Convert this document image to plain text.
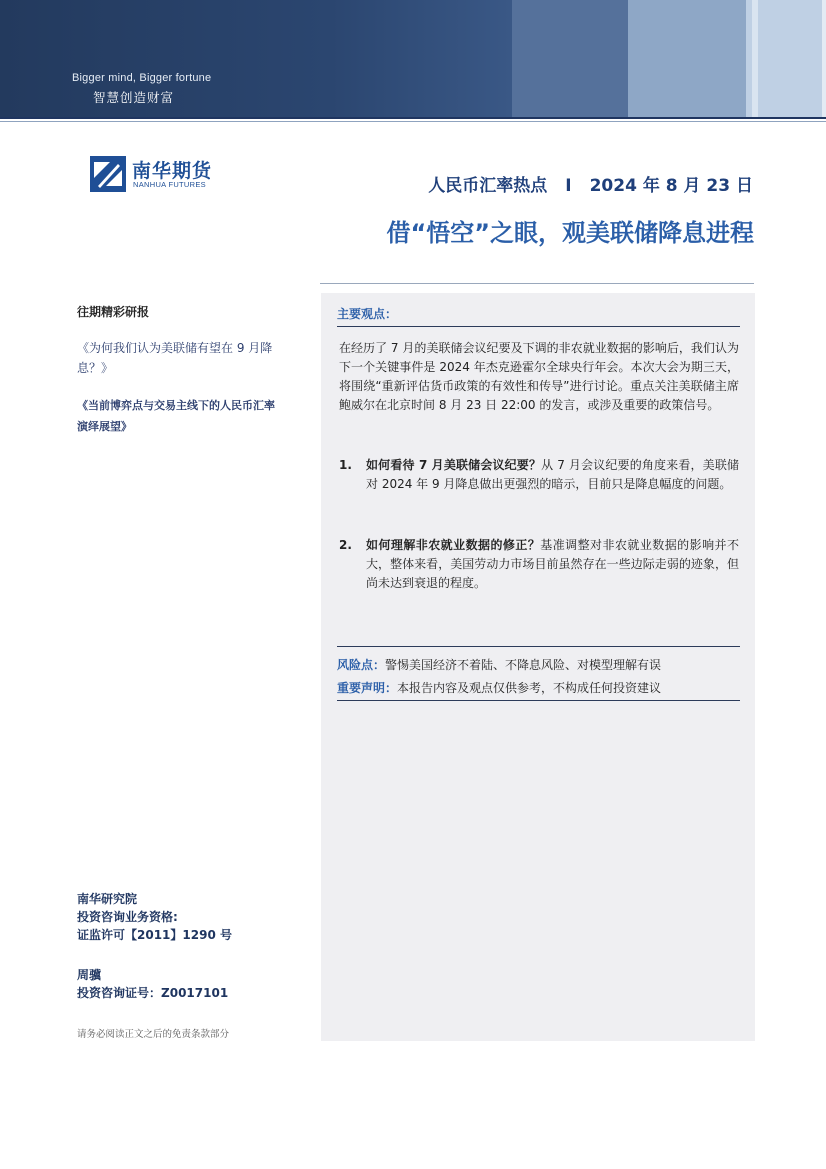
Bigger mind, Bigger fortune
智慧创造财富
南华期货
NANHUA FUTURES	人民币汇率热点 I 2024 年 8 月 23 日
借“悟空”之眼，观美联储降息进程

往期精彩研报

《为何我们认为美联储有望在 9 月降息？》
《当前博弈点与交易主线下的人民币汇率演绎展望》
南华研究院
投资咨询业务资格:
证监许可【2011】1290 号
周骥
投资咨询证号：Z0017101
请务必阅读正文之后的免责条款部分
主要观点：
在经历了 7 月的美联储会议纪要及下调的非农就业数据的影响后，我们认为下一个关键事件是 2024 年杰克逊霍尔全球央行年会。本次大会为期三天，将围绕“重新评估货币政策的有效性和传导”进行讨论。重点关注美联储主席鲍威尔在北京时间 8 月 23 日 22:00 的发言，或涉及重要的政策信号。
1. 如何看待 7 月美联储会议纪要？从 7 月会议纪要的角度来看，美联储对 2024 年 9 月降息做出更强烈的暗示，目前只是降息幅度的问题。
2. 如何理解非农就业数据的修正？基准调整对非农就业数据的影响并不大，整体来看，美国劳动力市场目前虽然存在一些边际走弱的迹象，但尚未达到衰退的程度。
风险点：警惕美国经济不着陆、不降息风险、对模型理解有误
重要声明：本报告内容及观点仅供参考，不构成任何投资建议
